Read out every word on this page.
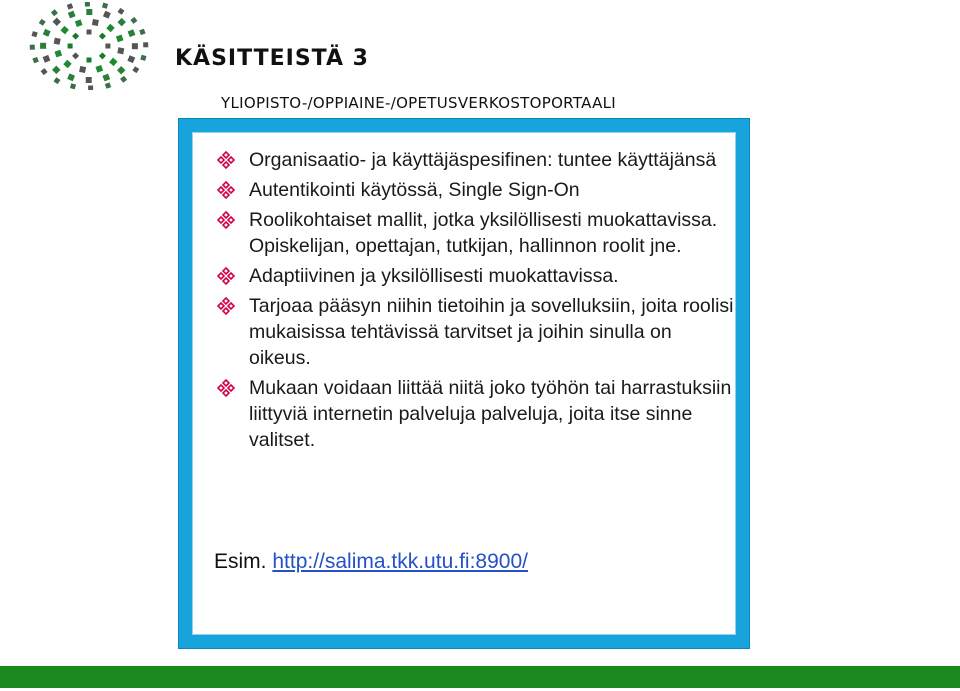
KÄSITTEISTÄ 3
YLIOPISTO-/OPPIAINE-/OPETUSVERKOSTOPORTAALI
Organisaatio- ja käyttäjäspesifinen: tuntee käyttäjänsä
Autentikointi käytössä, Single Sign-On
Roolikohtaiset mallit, jotka yksilöllisesti muokattavissa. Opiskelijan, opettajan, tutkijan, hallinnon roolit jne.
Adaptiivinen ja yksilöllisesti muokattavissa.
Tarjoaa pääsyn niihin tietoihin ja sovelluksiin, joita roolisi mukaisissa tehtävissä tarvitset ja joihin sinulla on oikeus.
Mukaan voidaan liittää niitä joko työhön tai harrastuksiin liittyviä internetin palveluja palveluja, joita itse sinne valitset.
Esim. http://salima.tkk.utu.fi:8900/
